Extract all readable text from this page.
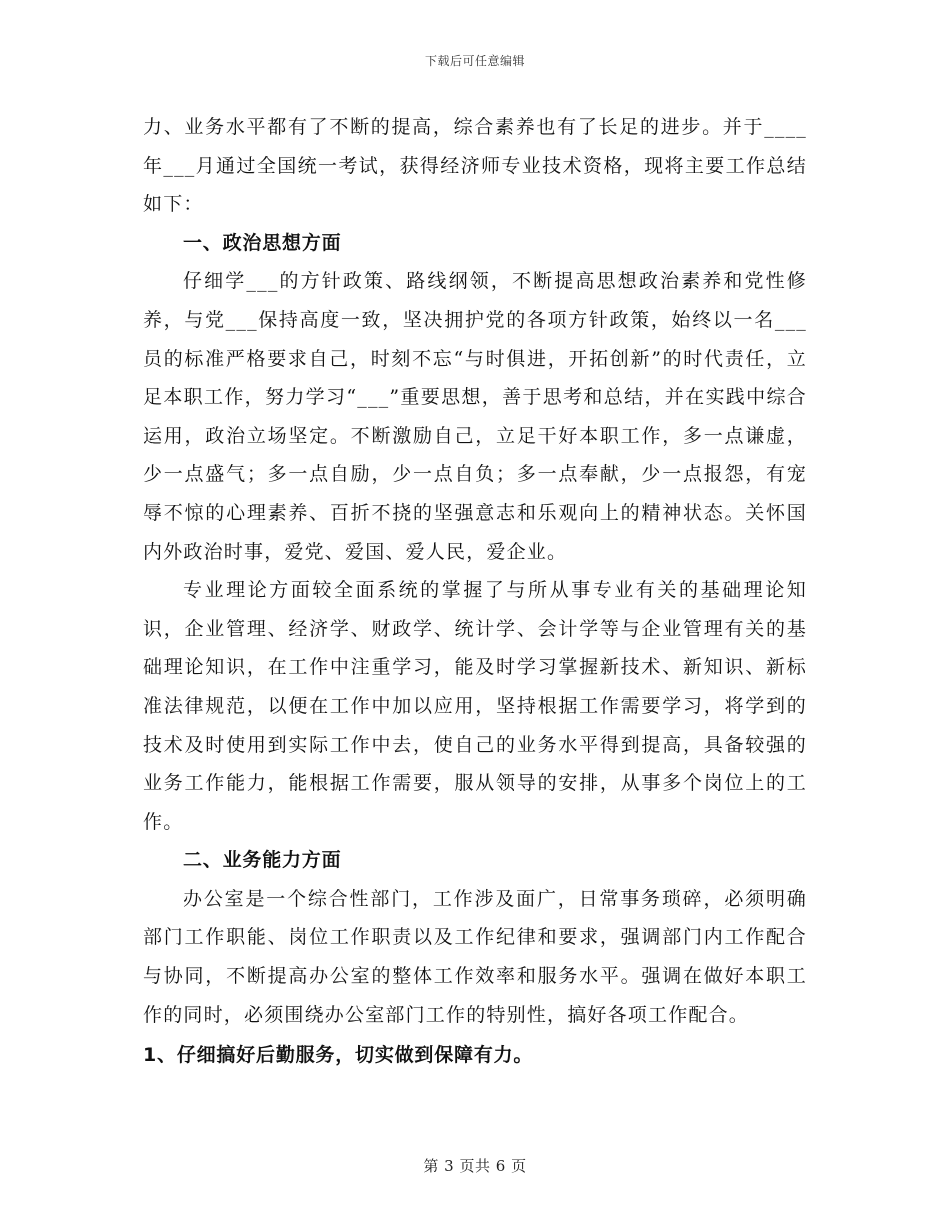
下载后可任意编辑

力、业务水平都有了不断的提高，综合素养也有了长足的进步。并于____年___月通过全国统一考试，获得经济师专业技术资格，现将主要工作总结如下：

一、政治思想方面

仔细学___的方针政策、路线纲领，不断提高思想政治素养和党性修养，与党___保持高度一致，坚决拥护党的各项方针政策，始终以一名___员的标准严格要求自己，时刻不忘“与时俱进，开拓创新”的时代责任，立足本职工作，努力学习“___”重要思想，善于思考和总结，并在实践中综合运用，政治立场坚定。不断激励自己，立足干好本职工作，多一点谦虚，少一点盛气；多一点自励，少一点自负；多一点奉献，少一点报怨，有宠辱不惊的心理素养、百折不挠的坚强意志和乐观向上的精神状态。关怀国内外政治时事，爱党、爱国、爱人民，爱企业。

专业理论方面较全面系统的掌握了与所从事专业有关的基础理论知识，企业管理、经济学、财政学、统计学、会计学等与企业管理有关的基础理论知识，在工作中注重学习，能及时学习掌握新技术、新知识、新标准法律规范，以便在工作中加以应用，坚持根据工作需要学习，将学到的技术及时使用到实际工作中去，使自己的业务水平得到提高，具备较强的业务工作能力，能根据工作需要，服从领导的安排，从事多个岗位上的工作。

二、业务能力方面

办公室是一个综合性部门，工作涉及面广，日常事务琐碎，必须明确部门工作职能、岗位工作职责以及工作纪律和要求，强调部门内工作配合与协同，不断提高办公室的整体工作效率和服务水平。强调在做好本职工作的同时，必须围绕办公室部门工作的特别性，搞好各项工作配合。

1、仔细搞好后勤服务，切实做到保障有力。

第 3 页共 6 页
